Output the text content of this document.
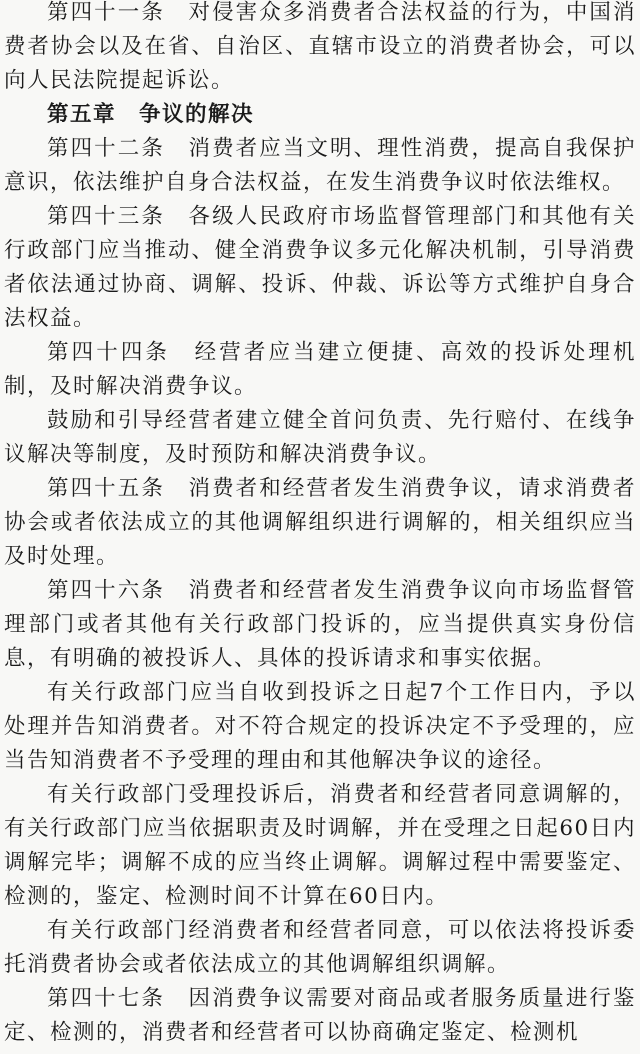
第四十一条　对侵害众多消费者合法权益的行为，中国消费者协会以及在省、自治区、直辖市设立的消费者协会，可以向人民法院提起诉讼。

第五章　争议的解决

第四十二条　消费者应当文明、理性消费，提高自我保护意识，依法维护自身合法权益，在发生消费争议时依法维权。

第四十三条　各级人民政府市场监督管理部门和其他有关行政部门应当推动、健全消费争议多元化解决机制，引导消费者依法通过协商、调解、投诉、仲裁、诉讼等方式维护自身合法权益。

第四十四条　经营者应当建立便捷、高效的投诉处理机制，及时解决消费争议。

鼓励和引导经营者建立健全首问负责、先行赔付、在线争议解决等制度，及时预防和解决消费争议。

第四十五条　消费者和经营者发生消费争议，请求消费者协会或者依法成立的其他调解组织进行调解的，相关组织应当及时处理。

第四十六条　消费者和经营者发生消费争议向市场监督管理部门或者其他有关行政部门投诉的，应当提供真实身份信息，有明确的被投诉人、具体的投诉请求和事实依据。

有关行政部门应当自收到投诉之日起7个工作日内，予以处理并告知消费者。对不符合规定的投诉决定不予受理的，应当告知消费者不予受理的理由和其他解决争议的途径。

有关行政部门受理投诉后，消费者和经营者同意调解的，有关行政部门应当依据职责及时调解，并在受理之日起60日内调解完毕；调解不成的应当终止调解。调解过程中需要鉴定、检测的，鉴定、检测时间不计算在60日内。

有关行政部门经消费者和经营者同意，可以依法将投诉委托消费者协会或者依法成立的其他调解组织调解。

第四十七条　因消费争议需要对商品或者服务质量进行鉴定、检测的，消费者和经营者可以协商确定鉴定、检测机
